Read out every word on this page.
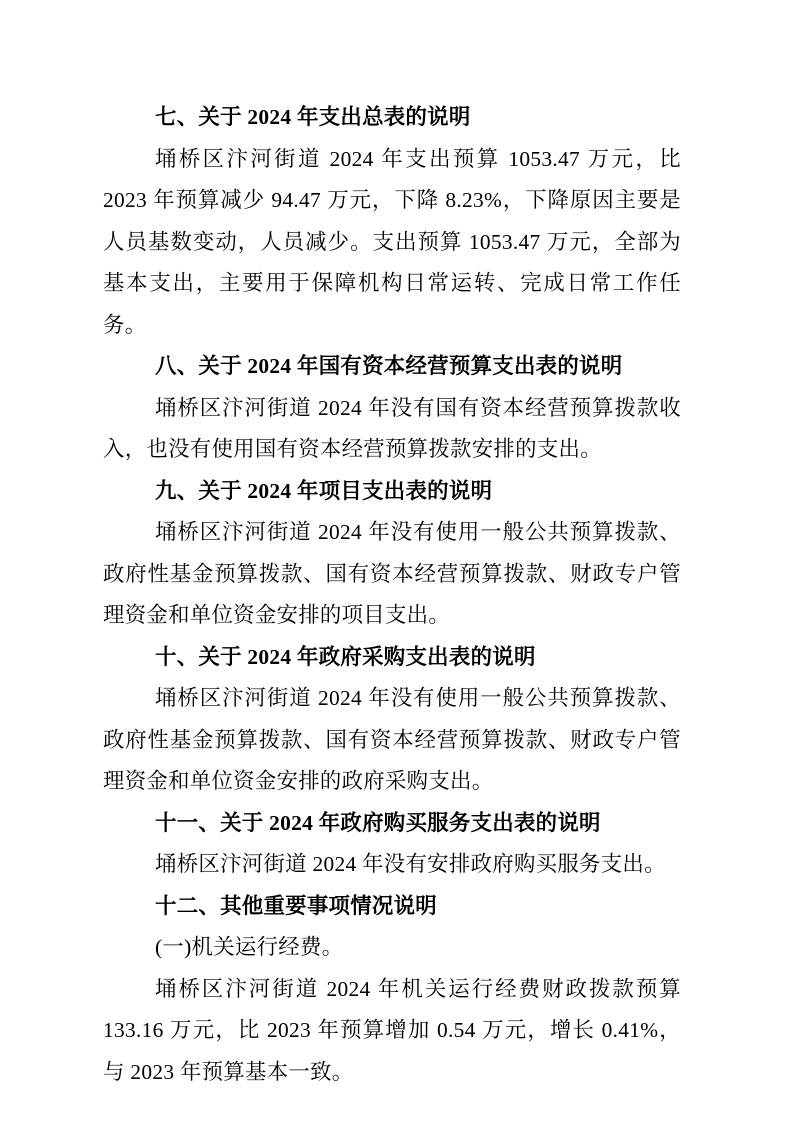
七、关于 2024 年支出总表的说明

埇桥区汴河街道 2024 年支出预算 1053.47 万元，比 2023 年预算减少 94.47 万元，下降 8.23%，下降原因主要是人员基数变动，人员减少。支出预算 1053.47 万元，全部为基本支出，主要用于保障机构日常运转、完成日常工作任务。

八、关于 2024 年国有资本经营预算支出表的说明

埇桥区汴河街道 2024 年没有国有资本经营预算拨款收入，也没有使用国有资本经营预算拨款安排的支出。

九、关于 2024 年项目支出表的说明

埇桥区汴河街道 2024 年没有使用一般公共预算拨款、政府性基金预算拨款、国有资本经营预算拨款、财政专户管理资金和单位资金安排的项目支出。

十、关于 2024 年政府采购支出表的说明

埇桥区汴河街道 2024 年没有使用一般公共预算拨款、政府性基金预算拨款、国有资本经营预算拨款、财政专户管理资金和单位资金安排的政府采购支出。

十一、关于 2024 年政府购买服务支出表的说明

埇桥区汴河街道 2024 年没有安排政府购买服务支出。

十二、其他重要事项情况说明

(一)机关运行经费。

埇桥区汴河街道 2024 年机关运行经费财政拨款预算 133.16 万元，比 2023 年预算增加 0.54 万元，增长 0.41%，与 2023 年预算基本一致。
